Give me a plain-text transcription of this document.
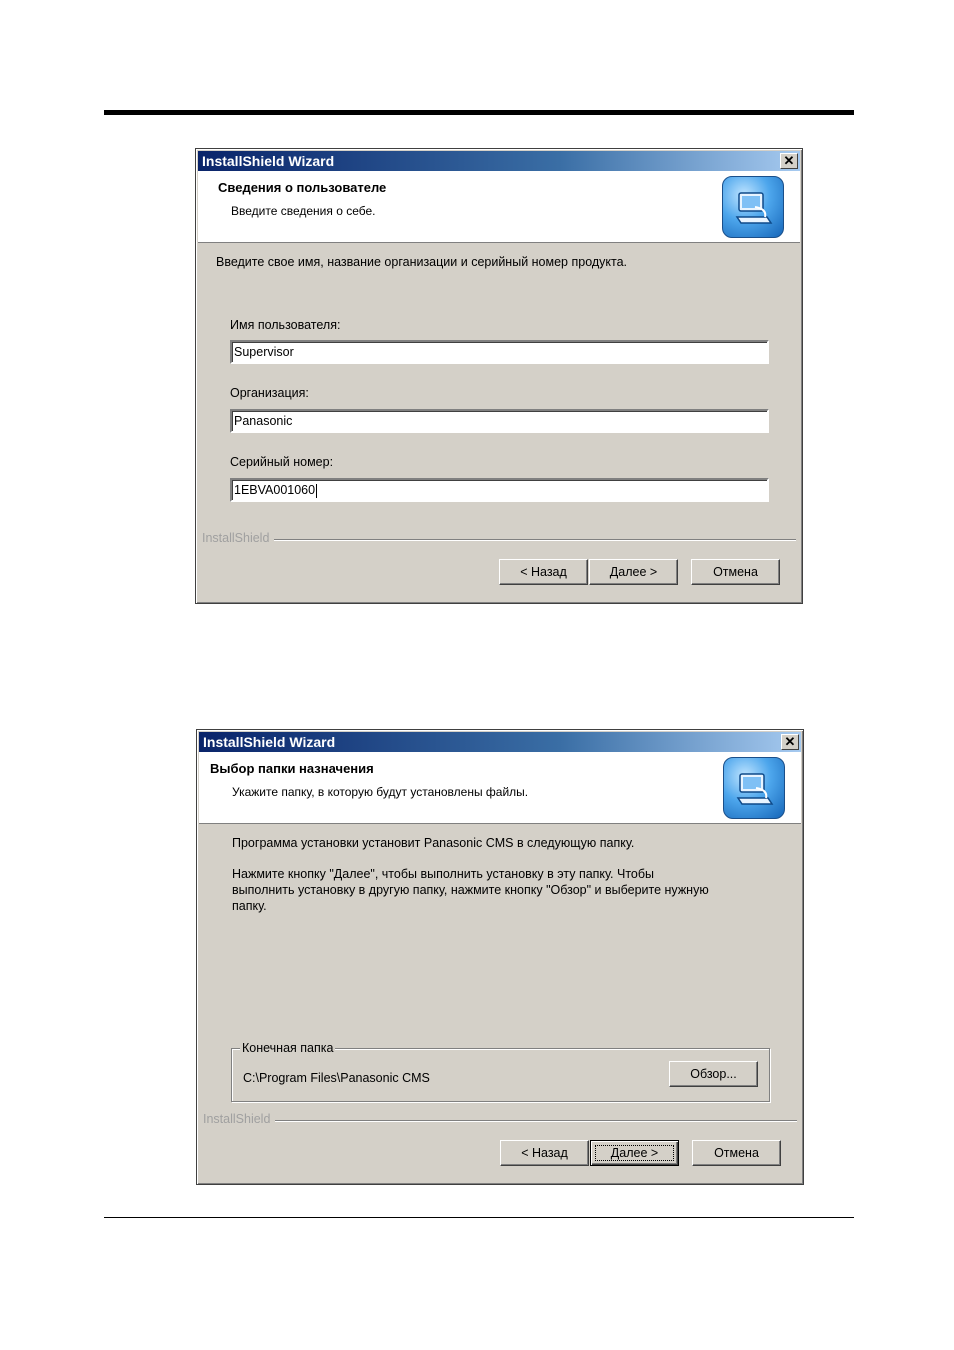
InstallShield Wizard	✕
Сведения о пользователе
Введите сведения о себе.
Введите свое имя, название организации и серийный номер продукта.
Имя пользователя:
Supervisor
Организация:
Panasonic
Серийный номер:
1EBVA001060
InstallShield
< Назад	Далее >	Отмена
InstallShield Wizard	✕
Выбор папки назначения
Укажите папку, в которую будут установлены файлы.
Программа установки установит Panasonic CMS в следующую папку.
Нажмите кнопку "Далее", чтобы выполнить установку в эту папку. Чтобы
выполнить установку в другую папку, нажмите кнопку "Обзор" и выберите нужную
папку.
Конечная папка
C:\Program Files\Panasonic CMS	Обзор...
InstallShield
< Назад	Далее >	Отмена
